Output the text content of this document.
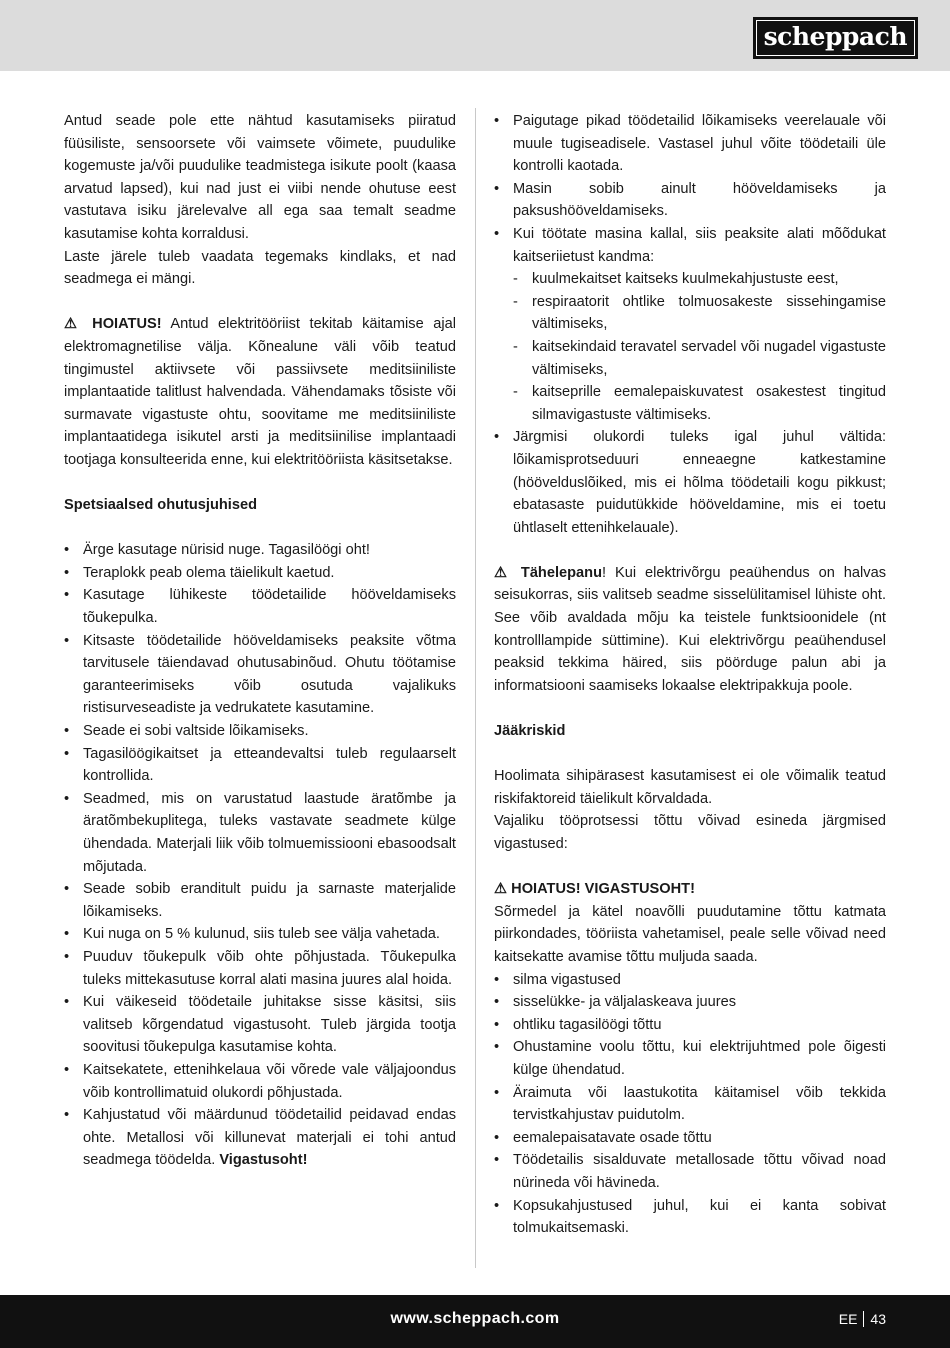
scheppach

Antud seade pole ette nähtud kasutamiseks piiratud füüsiliste, sensoorsete või vaimsete võimete, puudulike kogemuste ja/või puudulike teadmistega isikute poolt (kaasa arvatud lapsed), kui nad just ei viibi nende ohutuse eest vastutava isiku järelevalve all ega saa temalt seadme kasutamise kohta korraldusi.

Laste järele tuleb vaadata tegemaks kindlaks, et nad seadmega ei mängi.

⚠ HOIATUS! Antud elektritööriist tekitab käitamise ajal elektromagnetilise välja. Kõnealune väli võib teatud tingimustel aktiivsete või passiivsete meditsiiniliste implantaatide talitlust halvendada. Vähendamaks tõsiste või surmavate vigastuste ohtu, soovitame me meditsiiniliste implantaatidega isikutel arsti ja meditsiinilise implantaadi tootjaga konsulteerida enne, kui elektritööriista käsitsetakse.

Spetsiaalsed ohutusjuhised

• Ärge kasutage nürisid nuge. Tagasilöögi oht!
• Teraplokk peab olema täielikult kaetud.
• Kasutage lühikeste töödetailide hööveldamiseks tõukepulka.
• Kitsaste töödetailide hööveldamiseks peaksite võtma tarvitusele täiendavad ohutusabinõud. Ohutu töötamise garanteerimiseks võib osutuda vajalikuks ristisurveseadiste ja vedrukatete kasutamine.
• Seade ei sobi valtside lõikamiseks.
• Tagasilöögikaitset ja etteandevaltsi tuleb regulaarselt kontrollida.
• Seadmed, mis on varustatud laastude äratõmbe ja äratõmbekuplitega, tuleks vastavate seadmete külge ühendada. Materjali liik võib tolmuemissiooni ebasoodsalt mõjutada.
• Seade sobib eranditult puidu ja sarnaste materjalide lõikamiseks.
• Kui nuga on 5 % kulunud, siis tuleb see välja vahetada.
• Puuduv tõukepulk võib ohte põhjustada. Tõukepulka tuleks mittekasutuse korral alati masina juures alal hoida.
• Kui väikeseid töödetaile juhitakse sisse käsitsi, siis valitseb kõrgendatud vigastusoht. Tuleb järgida tootja soovitusi tõukepulga kasutamise kohta.
• Kaitsekatete, ettenihkelaua või võrede vale väljajoondus võib kontrollimatuid olukordi põhjustada.
• Kahjustatud või määrdunud töödetailid peidavad endas ohte. Metallosi või killunevat materjali ei tohi antud seadmega töödelda. Vigastusoht!
• Paigutage pikad töödetailid lõikamiseks veerelauale või muule tugiseadisele. Vastasel juhul võite töödetaili üle kontrolli kaotada.
• Masin sobib ainult hööveldamiseks ja paksushööveldamiseks.
• Kui töötate masina kallal, siis peaksite alati mõõdukat kaitseriietust kandma:
- kuulmekaitset kaitseks kuulmekahjustuste eest,
- respiraatorit ohtlike tolmuosakeste sissehingamise vältimiseks,
- kaitsekindaid teravatel servadel või nugadel vigastuste vältimiseks,
- kaitseprille eemalepaiskuvatest osakestest tingitud silmavigastuste vältimiseks.
• Järgmisi olukordi tuleks igal juhul vältida: lõikamisprotseduuri enneaegne katkestamine (höövelduslõiked, mis ei hõlma töödetaili kogu pikkust; ebatasaste puidutükkide hööveldamine, mis ei toetu ühtlaselt ettenihkelauale).

⚠ Tähelepanu! Kui elektrivõrgu peaühendus on halvas seisukorras, siis valitseb seadme sisselülitamisel lühiste oht. See võib avaldada mõju ka teistele funktsioonidele (nt kontrolllampide süttimine). Kui elektrivõrgu peaühendusel peaksid tekkima häired, siis pöörduge palun abi ja informatsiooni saamiseks lokaalse elektripakkuja poole.

Jääkriskid

Hoolimata sihipärasest kasutamisest ei ole võimalik teatud riskifaktoreid täielikult kõrvaldada.

Vajaliku tööprotsessi tõttu võivad esineda järgmised vigastused:

⚠ HOIATUS! VIGASTUSOHT!

Sõrmedel ja kätel noavõlli puudutamine tõttu katmata piirkondades, tööriista vahetamisel, peale selle võivad need kaitsekatte avamise tõttu muljuda saada.

• silma vigastused
• sisselükke- ja väljalaskeava juures
• ohtliku tagasilöögi tõttu
• Ohustamine voolu tõttu, kui elektrijuhtmed pole õigesti külge ühendatud.
• Äraimuta või laastukotita käitamisel võib tekkida tervistkahjustav puidutolm.
• eemalepaisatavate osade tõttu
• Töödetailis sisalduvate metallosade tõttu võivad noad nürineda või hävineda.
• Kopsukahjustused juhul, kui ei kanta sobivat tolmukaitsemaski.
www.scheppach.com	EE 43
